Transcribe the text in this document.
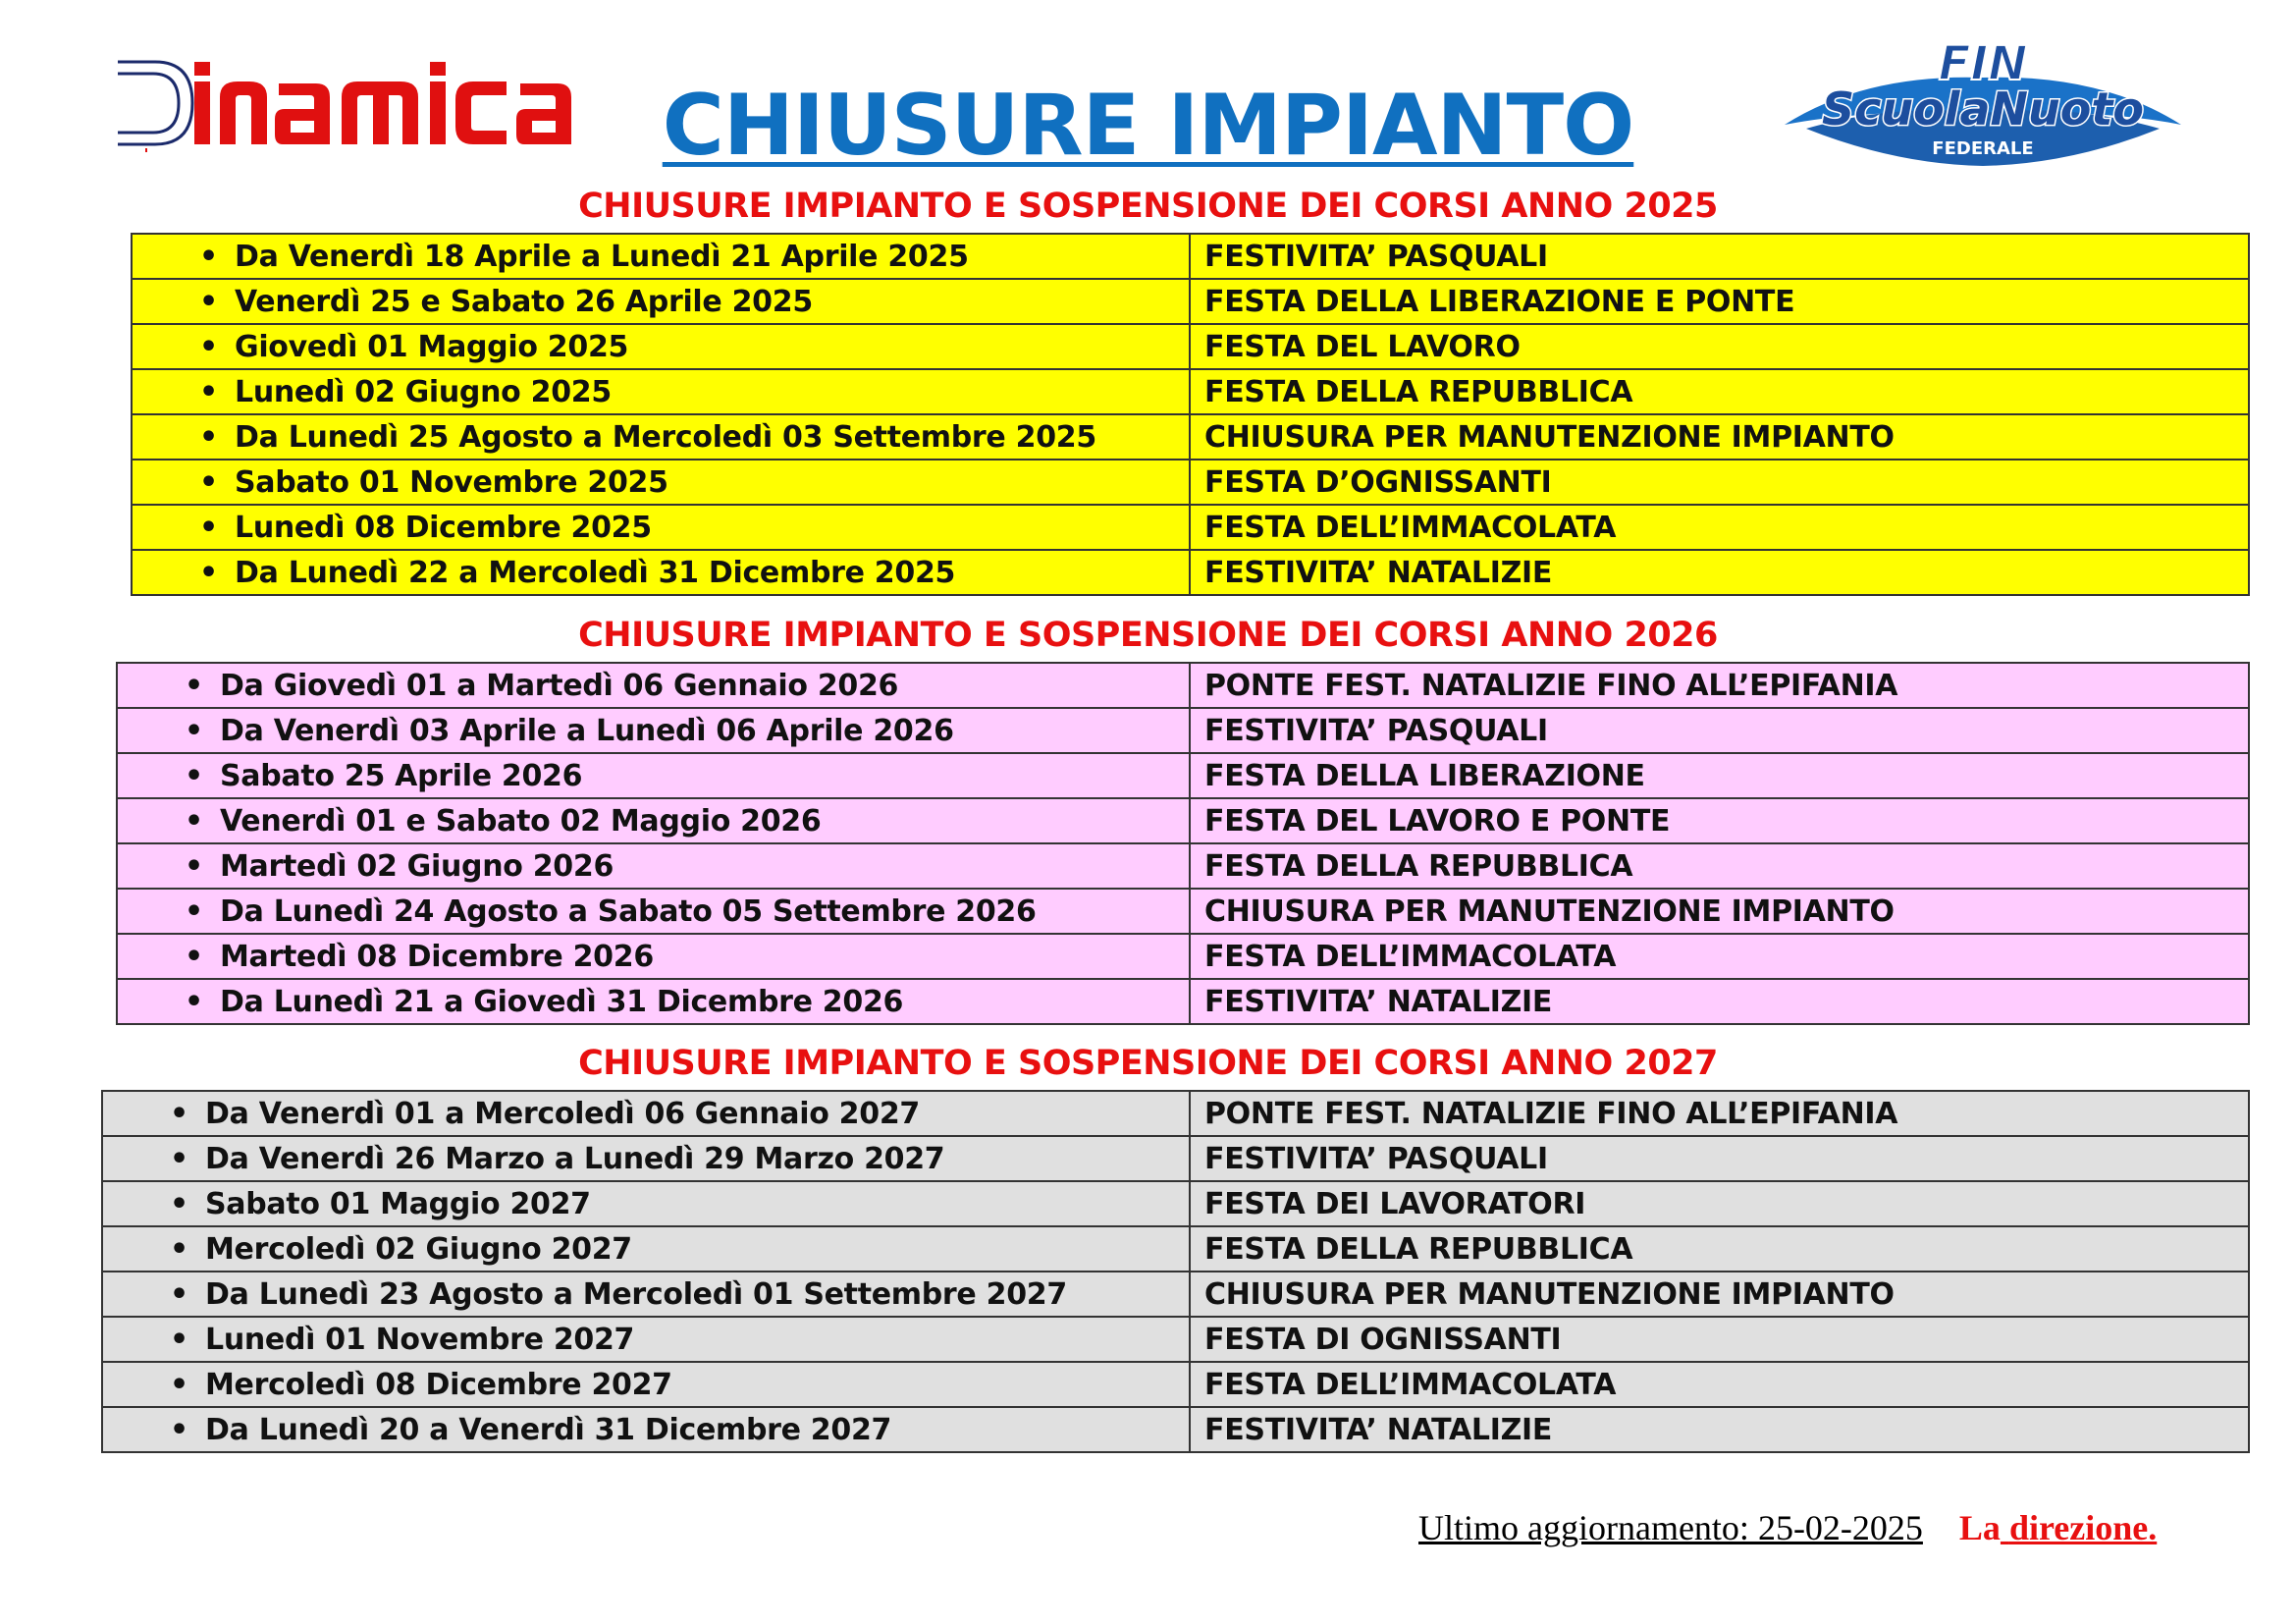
FIN
ScuolaNuoto
FEDERALE
CHIUSURE IMPIANTO
CHIUSURE IMPIANTO E SOSPENSIONE DEI CORSI ANNO 2025
• Da Venerdì 18 Aprile a Lunedì 21 Aprile 2025	FESTIVITA’ PASQUALI
• Venerdì 25 e Sabato 26 Aprile 2025	FESTA DELLA LIBERAZIONE E PONTE
• Giovedì 01 Maggio 2025	FESTA DEL LAVORO
• Lunedì 02 Giugno 2025	FESTA DELLA REPUBBLICA
• Da Lunedì 25 Agosto a Mercoledì 03 Settembre 2025	CHIUSURA PER MANUTENZIONE IMPIANTO
• Sabato 01 Novembre 2025	FESTA D’OGNISSANTI
• Lunedì 08 Dicembre 2025	FESTA DELL’IMMACOLATA
• Da Lunedì 22 a Mercoledì 31 Dicembre 2025	FESTIVITA’ NATALIZIE
CHIUSURE IMPIANTO E SOSPENSIONE DEI CORSI ANNO 2026
• Da Giovedì 01 a Martedì 06 Gennaio 2026	PONTE FEST. NATALIZIE FINO ALL’EPIFANIA
• Da Venerdì 03 Aprile a Lunedì 06 Aprile 2026	FESTIVITA’ PASQUALI
• Sabato 25 Aprile 2026	FESTA DELLA LIBERAZIONE
• Venerdì 01 e Sabato 02 Maggio 2026	FESTA DEL LAVORO E PONTE
• Martedì 02 Giugno 2026	FESTA DELLA REPUBBLICA
• Da Lunedì 24 Agosto a Sabato 05 Settembre 2026	CHIUSURA PER MANUTENZIONE IMPIANTO
• Martedì 08 Dicembre 2026	FESTA DELL’IMMACOLATA
• Da Lunedì 21 a Giovedì 31 Dicembre 2026	FESTIVITA’ NATALIZIE
CHIUSURE IMPIANTO E SOSPENSIONE DEI CORSI ANNO 2027
• Da Venerdì 01 a Mercoledì 06 Gennaio 2027	PONTE FEST. NATALIZIE FINO ALL’EPIFANIA
• Da Venerdì 26 Marzo a Lunedì 29 Marzo 2027	FESTIVITA’ PASQUALI
• Sabato 01 Maggio 2027	FESTA DEI LAVORATORI
• Mercoledì 02 Giugno 2027	FESTA DELLA REPUBBLICA
• Da Lunedì 23 Agosto a Mercoledì 01 Settembre 2027	CHIUSURA PER MANUTENZIONE IMPIANTO
• Lunedì 01 Novembre 2027	FESTA DI OGNISSANTI
• Mercoledì 08 Dicembre 2027	FESTA DELL’IMMACOLATA
• Da Lunedì 20 a Venerdì 31 Dicembre 2027	FESTIVITA’ NATALIZIE
Ultimo aggiornamento: 25-02-2025 La direzione.
